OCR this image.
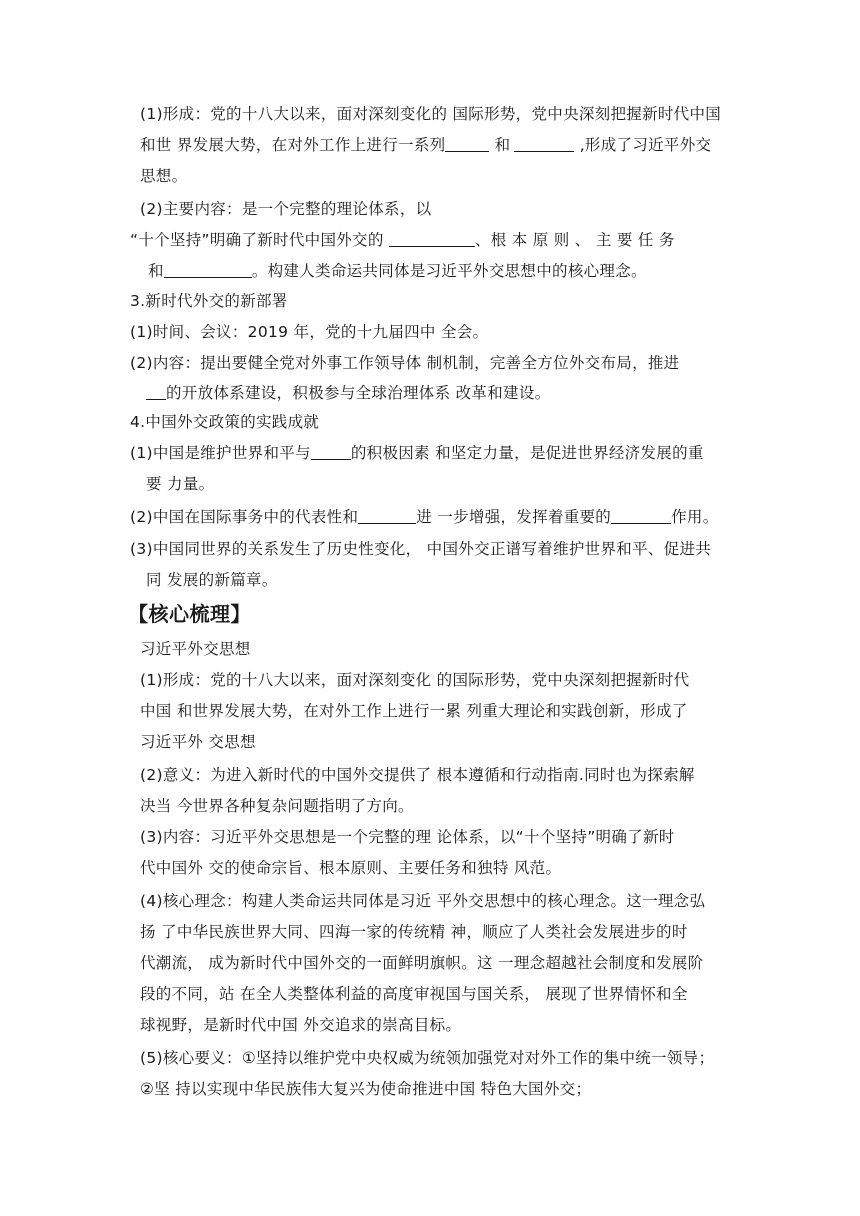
(1)形成：党的十八大以来，面对深刻变化的 国际形势，党中央深刻把握新时代中国
和世 界发展大势，在对外工作上进行一系列	和	,形成了习近平外交
思想。
(2)主要内容：是一个完整的理论体系，以
“十个坚持”明确了新时代中国外交的	、根 本 原 则 、 主 要 任 务
和	。构建人类命运共同体是习近平外交思想中的核心理念。
3.新时代外交的新部署
(1)时间、会议：2019 年，党的十九届四中 全会。
(2)内容：提出要健全党对外事工作领导体 制机制，完善全方位外交布局，推进
的开放体系建设，积极参与全球治理体系 改革和建设。
4.中国外交政策的实践成就
(1)中国是维护世界和平与	的积极因素 和坚定力量，是促进世界经济发展的重
要 力量。
(2)中国在国际事务中的代表性和	进 一步增强，发挥着重要的	作用。
(3)中国同世界的关系发生了历史性变化， 中国外交正谱写着维护世界和平、促进共
同 发展的新篇章。
【核心梳理】
习近平外交思想
(1)形成：党的十八大以来，面对深刻变化 的国际形势，党中央深刻把握新时代
中国 和世界发展大势，在对外工作上进行一累 列重大理论和实践创新，形成了
习近平外 交思想
(2)意义：为进入新时代的中国外交提供了 根本遵循和行动指南.同时也为探索解
决当 今世界各种复杂问题指明了方向。
(3)内容：习近平外交思想是一个完整的理 论体系，以“十个坚持”明确了新时
代中国外 交的使命宗旨、根本原则、主要任务和独特 风范。
(4)核心理念：构建人类命运共同体是习近 平外交思想中的核心理念。这一理念弘
扬 了中华民族世界大同、四海一家的传统精 神，顺应了人类社会发展进步的时
代潮流， 成为新时代中国外交的一面鲜明旗帜。这 一理念超越社会制度和发展阶
段的不同，站 在全人类整体利益的高度审视国与国关系， 展现了世界情怀和全
球视野，是新时代中国 外交追求的崇高目标。
(5)核心要义：①坚持以维护党中央权威为统领加强党对对外工作的集中统一领导；
②坚 持以实现中华民族伟大复兴为使命推进中国 特色大国外交；
